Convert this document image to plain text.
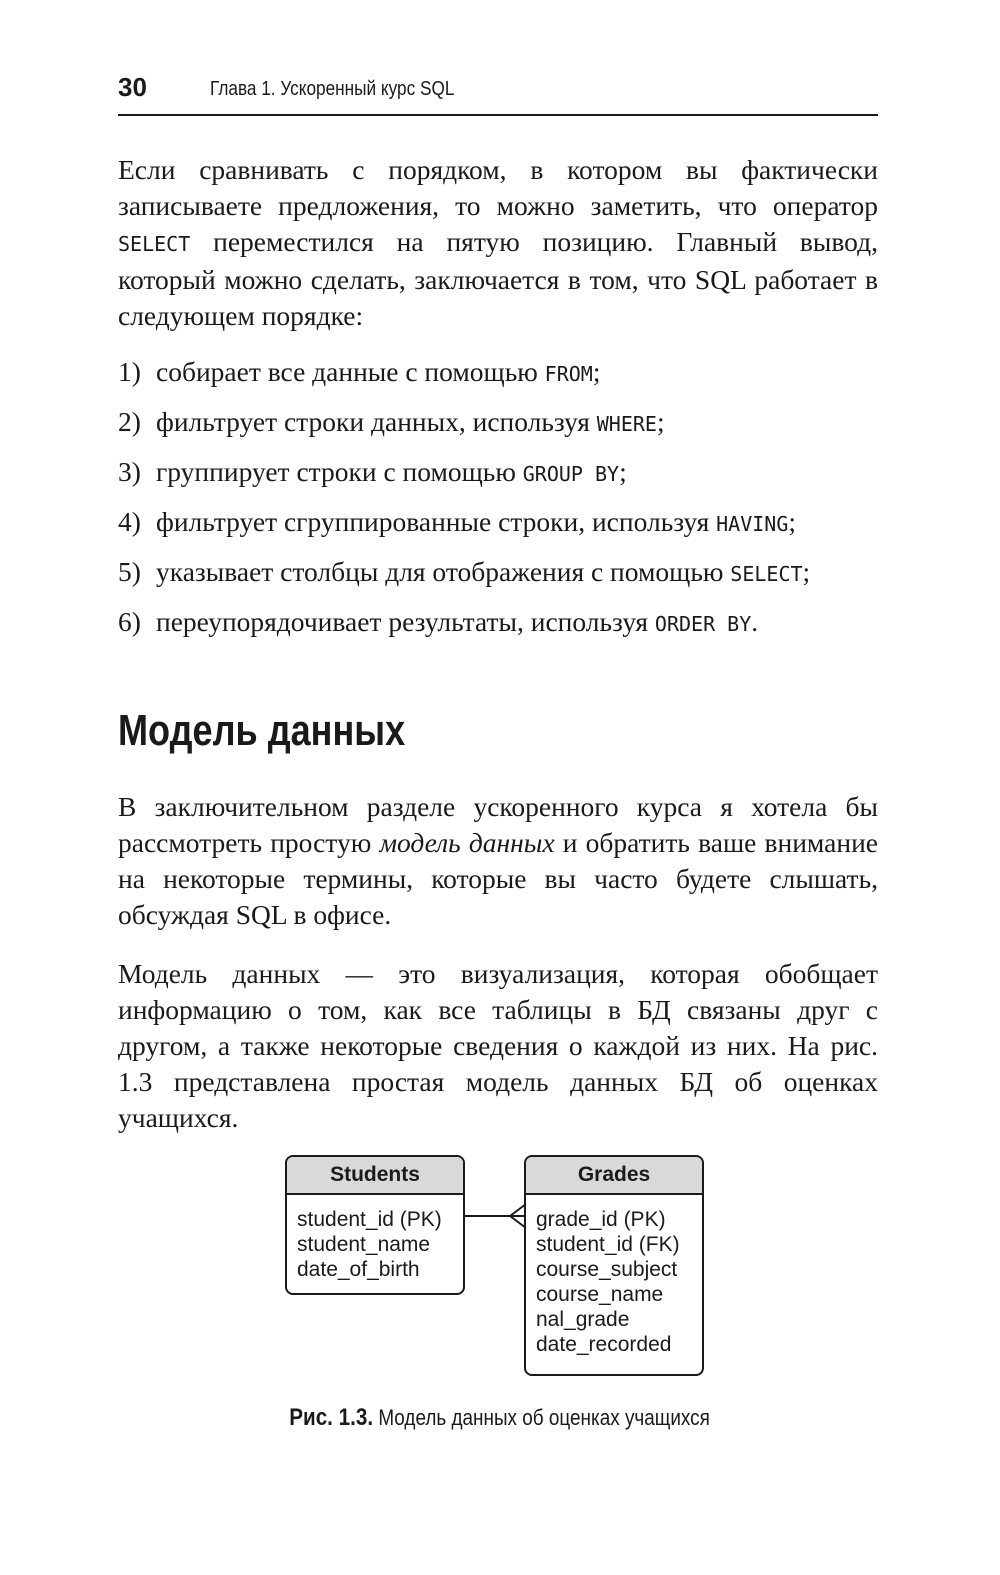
30	Глава 1. Ускоренный курс SQL

Если сравнивать с порядком, в котором вы фактически записываете предложения, то можно заметить, что оператор SELECT переместился на пятую позицию. Главный вывод, который можно сделать, заключается в том, что SQL работает в следующем порядке:

1) собирает все данные с помощью FROM;
2) фильтрует строки данных, используя WHERE;
3) группирует строки с помощью GROUP BY;
4) фильтрует сгруппированные строки, используя HAVING;
5) указывает столбцы для отображения с помощью SELECT;
6) переупорядочивает результаты, используя ORDER BY.
Модель данных

В заключительном разделе ускоренного курса я хотела бы рассмотреть простую модель данных и обратить ваше внимание на некоторые термины, которые вы часто будете слышать, обсуждая SQL в офисе.

Модель данных — это визуализация, которая обобщает информацию о том, как все таблицы в БД связаны друг с другом, а также некоторые сведения о каждой из них. На рис. 1.3 представлена простая модель данных БД об оценках учащихся.

Students
student_id (PK)
student_name
date_of_birth
Grades
grade_id (PK)
student_id (FK)
course_subject
course_name
nal_grade
date_recorded
Рис. 1.3. Модель данных об оценках учащихся
